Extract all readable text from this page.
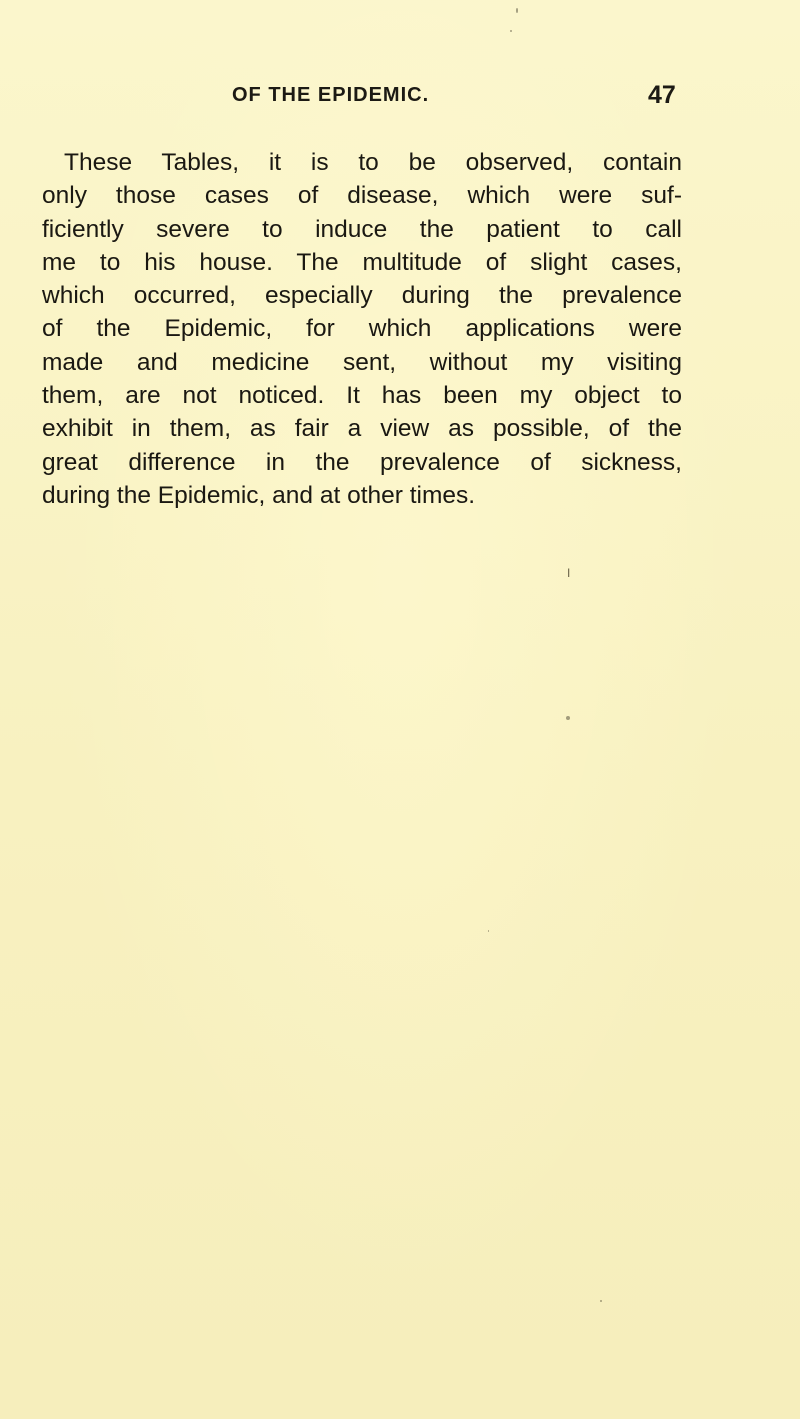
OF THE EPIDEMIC.	47
These Tables, it is to be observed, contain
only those cases of disease, which were suf-
ficiently severe to induce the patient to call
me to his house. The multitude of slight cases,
which occurred, especially during the prevalence
of the Epidemic, for which applications were
made and medicine sent, without my visiting
them, are not noticed. It has been my object to
exhibit in them, as fair a view as possible, of the
great difference in the prevalence of sickness,
during the Epidemic, and at other times.
I
